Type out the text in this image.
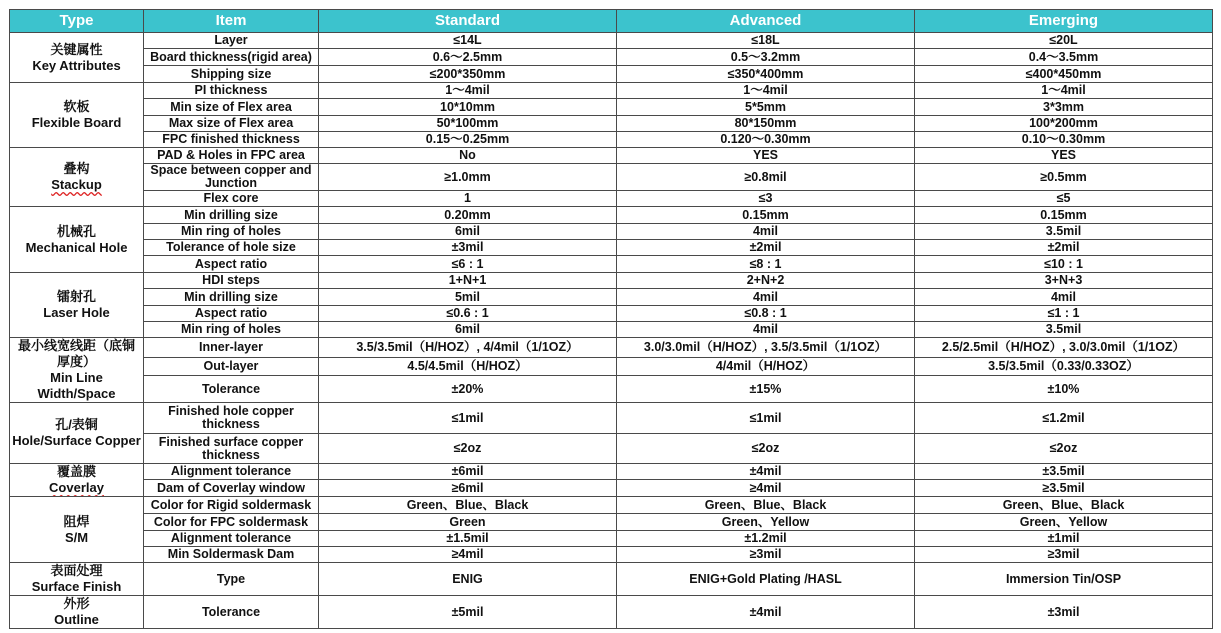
Type	Item	Standard	Advanced	Emerging

关键属性
Key Attributes	Layer	≤14L	≤18L	≤20L
	Board thickness(rigid area)	0.6～2.5mm	0.5～3.2mm	0.4～3.5mm
	Shipping size	≤200*350mm	≤350*400mm	≤400*450mm

软板
Flexible Board	PI thickness	1～4mil	1～4mil	1～4mil
	Min size of Flex area	10*10mm	5*5mm	3*3mm
	Max size of Flex area	50*100mm	80*150mm	100*200mm
	FPC finished thickness	0.15～0.25mm	0.120～0.30mm	0.10～0.30mm

叠构
Stackup	PAD & Holes in FPC area	No	YES	YES
	Space between copper and Junction	≥1.0mm	≥0.8mil	≥0.5mm
	Flex core	1	≤3	≤5

机械孔
Mechanical Hole	Min drilling size	0.20mm	0.15mm	0.15mm
	Min ring of holes	6mil	4mil	3.5mil
	Tolerance of hole size	±3mil	±2mil	±2mil
	Aspect ratio	≤6 : 1	≤8 : 1	≤10 : 1

镭射孔
Laser Hole	HDI steps	1+N+1	2+N+2	3+N+3
	Min drilling size	5mil	4mil	4mil
	Aspect ratio	≤0.6 : 1	≤0.8 : 1	≤1 : 1
	Min ring of holes	6mil	4mil	3.5mil

最小线宽线距（底铜厚度）
Min Line Width/Space	Inner-layer	3.5/3.5mil（H/HOZ）, 4/4mil（1/1OZ）	3.0/3.0mil（H/HOZ）, 3.5/3.5mil（1/1OZ）	2.5/2.5mil（H/HOZ）, 3.0/3.0mil（1/1OZ）
	Out-layer	4.5/4.5mil（H/HOZ）	4/4mil（H/HOZ）	3.5/3.5mil（0.33/0.33OZ）
	Tolerance	±20%	±15%	±10%

孔/表铜
Hole/Surface Copper	Finished hole copper thickness	≤1mil	≤1mil	≤1.2mil
	Finished surface copper thickness	≤2oz	≤2oz	≤2oz

覆盖膜
Coverlay	Alignment tolerance	±6mil	±4mil	±3.5mil
	Dam of Coverlay window	≥6mil	≥4mil	≥3.5mil

阻焊
S/M	Color for Rigid soldermask	Green、Blue、Black	Green、Blue、Black	Green、Blue、Black
	Color for FPC soldermask	Green	Green、Yellow	Green、Yellow
	Alignment tolerance	±1.5mil	±1.2mil	±1mil
	Min Soldermask Dam	≥4mil	≥3mil	≥3mil

表面处理
Surface Finish	Type	ENIG	ENIG+Gold Plating /HASL	Immersion Tin/OSP

外形
Outline	Tolerance	±5mil	±4mil	±3mil
